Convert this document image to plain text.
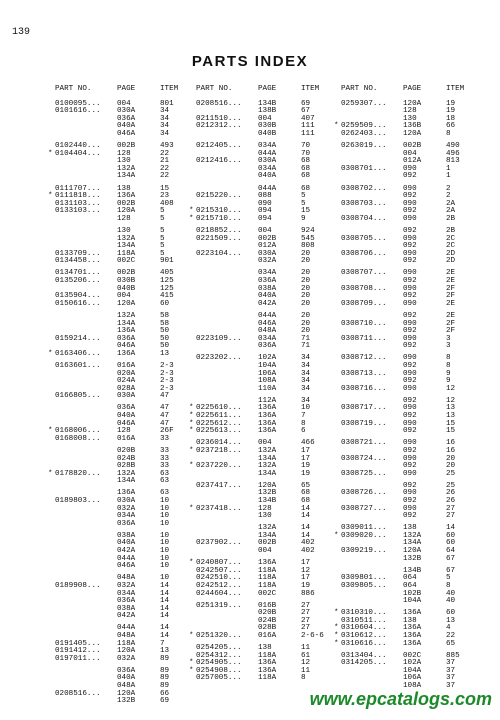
139
PARTS INDEX
PART NO.	PAGE	ITEM
0100095...	004	801
0101616...	030A	34
036A	34
040A	34
046A	34
0102440...	002B	493
* 0104404...	128	22
130	21
132A	22
134A	22
0111707...	138	15
* 0111818...	136A	23
0131103...	002B	408
0133103...	120A	5
128	5
130	5
132A	5
134A	5
0133709...	118A	5
0134458...	002C	901
0134701...	002B	405
0135206...	030B	125
040B	125
0135904...	004	415
0150616...	120A	60
132A	58
134A	58
136A	50
0159214...	036A	50
046A	50
* 0163406...	136A	13
0163601...	016A	2-3
020A	2-3
024A	2-3
028A	2-3
0166805...	030A	47
036A	47
040A	47
046A	47
* 0168006...	128	26F
0168008...	016A	33
020B	33
024B	33
028B	33
* 0178820...	132A	63
134A	63
136A	63
0189803...	030A	10
032A	10
034A	10
036A	10
038A	10
040A	10
042A	10
044A	10
046A	10
048A	10
0189908...	032A	14
034A	14
036A	14
038A	14
042A	14
044A	14
048A	14
0191405...	118A	7
0191412...	120A	13
0197011...	032A	89
036A	89
040A	89
048A	89
0208516...	120A	66
132B	69
PART NO.	PAGE	ITEM
0208516...	134B	69
138B	67
0211510...	004	407
0212312...	030B	111
040B	111
0212405...	034A	70
044A	70
0212416...	030A	68
034A	68
040A	68
044A	68
0215220...	088	5
090	5
* 0215310...	094	15
* 0215710...	094	9
0218852...	004	924
0221509...	002B	545
012A	808
0223104...	030A	20
032A	20
034A	20
036A	20
038A	20
040A	20
042A	20
044A	20
046A	20
048A	20
0223109...	034A	71
036A	71
0223202...	102A	34
104A	34
106A	34
108A	34
110A	34
112A	34
* 0225610...	136A	10
* 0225611...	136A	7
* 0225612...	136A	8
* 0225613...	136A	6
0236014...	004	466
* 0237218...	132A	17
134A	17
* 0237220...	132A	19
134A	19
0237417...	120A	65
132B	68
134B	68
* 0237418...	128	14
130	14
132A	14
134A	14
0237902...	002B	402
004	402
* 0240807...	136A	17
0242507...	118A	12
0242510...	118A	17
0242512...	118A	19
0244604...	002C	886
0251319...	016B	27
020B	27
024B	27
028B	27
* 0251320...	016A	2-6-6
0254205...	138	11
0254312...	118A	61
* 0254905...	136A	12
* 0254908...	136A	11
0257005...	118A	8
PART NO.	PAGE	ITEM
0259307...	120A	19
128	19
130	18
* 0259509...	136B	66
0262403...	120A	8
0263019...	002B	490
004	496
012A	813
0308701...	090	1
092	1
0308702...	090	2
092	2
0308703...	090	2A
092	2A
0308704...	090	2B
092	2B
0308705...	090	2C
092	2C
0308706...	090	2D
092	2D
0308707...	090	2E
092	2E
0308708...	090	2F
092	2F
0308709...	090	2E
092	2E
0308710...	090	2F
092	2F
0308711...	090	3
092	3
0308712...	090	8
092	8
0308713...	090	9
092	9
0308716...	090	12
092	12
0308717...	090	13
092	13
0308719...	090	15
092	15
0308721...	090	16
092	16
0308724...	090	20
092	20
0308725...	090	25
092	25
0308726...	090	26
092	26
0308727...	090	27
092	27
0309011...	138	14
* 0309020...	132A	60
134A	60
0309219...	120A	64
132B	67
134B	67
0309801...	064	5
0309805...	064	8
102B	40
104A	40
* 0310310...	136A	60
0310511...	138	13
* 0310604...	136A	4
* 0310612...	136A	22
* 0310616...	136A	65
0313404...	002C	885
0314205...	102A	37
104A	37
106A	37
108A	37
www.epcatalogs.com
